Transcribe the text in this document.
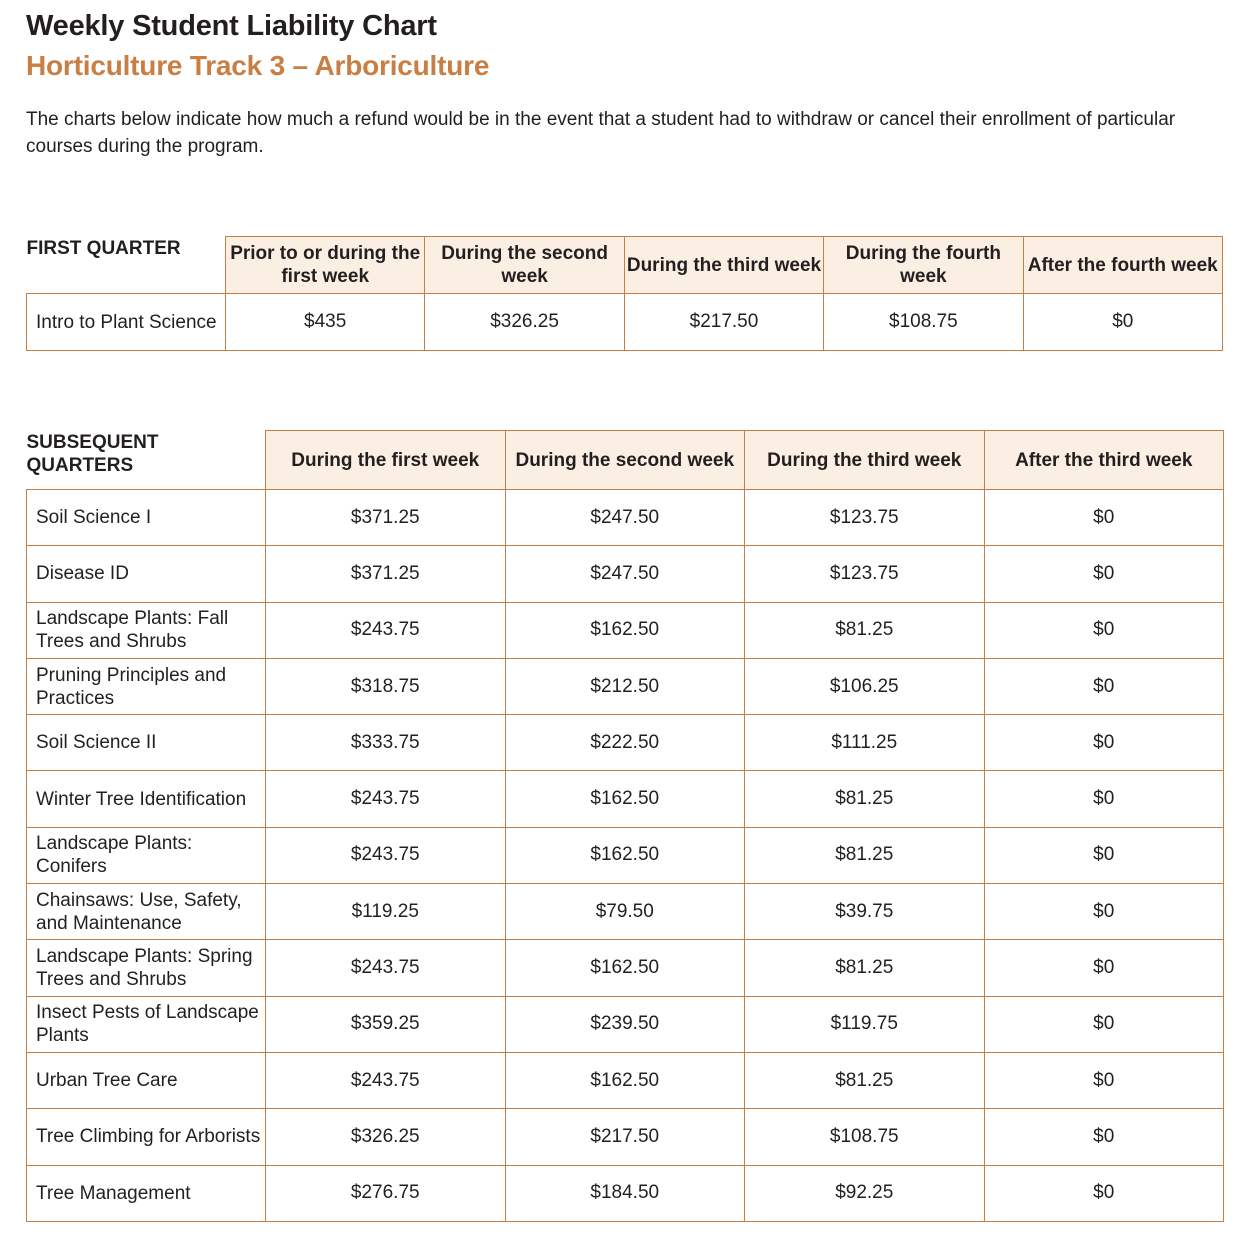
Weekly Student Liability Chart
Horticulture Track 3 – Arboriculture
The charts below indicate how much a refund would be in the event that a student had to withdraw or cancel their enrollment of particular courses during the program.
FIRST QUARTER	Prior to or during the first week	During the second week	During the third week	During the fourth week	After the fourth week
Intro to Plant Science	$435	$326.25	$217.50	$108.75	$0
SUBSEQUENT QUARTERS	During the first week	During the second week	During the third week	After the third week
Soil Science I	$371.25	$247.50	$123.75	$0
Disease ID	$371.25	$247.50	$123.75	$0
Landscape Plants: Fall Trees and Shrubs	$243.75	$162.50	$81.25	$0
Pruning Principles and Practices	$318.75	$212.50	$106.25	$0
Soil Science II	$333.75	$222.50	$111.25	$0
Winter Tree Identification	$243.75	$162.50	$81.25	$0
Landscape Plants: Conifers	$243.75	$162.50	$81.25	$0
Chainsaws: Use, Safety, and Maintenance	$119.25	$79.50	$39.75	$0
Landscape Plants: Spring Trees and Shrubs	$243.75	$162.50	$81.25	$0
Insect Pests of Landscape Plants	$359.25	$239.50	$119.75	$0
Urban Tree Care	$243.75	$162.50	$81.25	$0
Tree Climbing for Arborists	$326.25	$217.50	$108.75	$0
Tree Management	$276.75	$184.50	$92.25	$0
